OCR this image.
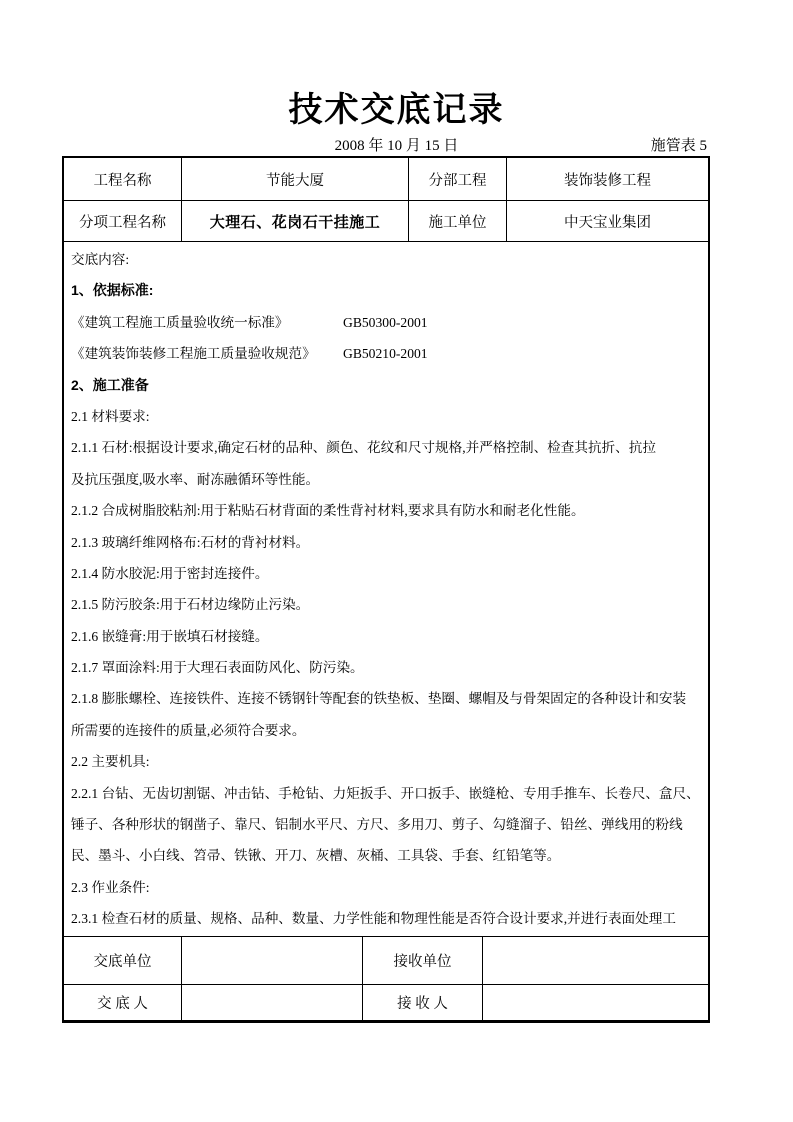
技术交底记录
2008 年 10 月 15 日	施管表 5
工程名称	节能大厦	分部工程	装饰装修工程
分项工程名称	大理石、花岗石干挂施工	施工单位	中天宝业集团
交底内容:
1、依据标准:
《建筑工程施工质量验收统一标准》	GB50300-2001
《建筑装饰装修工程施工质量验收规范》 GB50210-2001
2、施工准备
2.1 材料要求:
2.1.1 石材:根据设计要求,确定石材的品种、颜色、花纹和尺寸规格,并严格控制、检查其抗折、抗拉
及抗压强度,吸水率、耐冻融循环等性能。
2.1.2 合成树脂胶粘剂:用于粘贴石材背面的柔性背衬材料,要求具有防水和耐老化性能。
2.1.3 玻璃纤维网格布:石材的背衬材料。
2.1.4 防水胶泥:用于密封连接件。
2.1.5 防污胶条:用于石材边缘防止污染。
2.1.6 嵌缝膏:用于嵌填石材接缝。
2.1.7 罩面涂料:用于大理石表面防风化、防污染。
2.1.8 膨胀螺栓、连接铁件、连接不锈钢针等配套的铁垫板、垫圈、螺帽及与骨架固定的各种设计和安装
所需要的连接件的质量,必须符合要求。
2.2 主要机具:
2.2.1 台钻、无齿切割锯、冲击钻、手枪钻、力矩扳手、开口扳手、嵌缝枪、专用手推车、长卷尺、盒尺、
锤子、各种形状的钢凿子、靠尺、铝制水平尺、方尺、多用刀、剪子、勾缝溜子、铅丝、弹线用的粉线
民、墨斗、小白线、笤帚、铁锹、开刀、灰槽、灰桶、工具袋、手套、红铅笔等。
2.3 作业条件:
2.3.1 检查石材的质量、规格、品种、数量、力学性能和物理性能是否符合设计要求,并进行表面处理工
交底单位	接收单位
交 底 人	接 收 人
